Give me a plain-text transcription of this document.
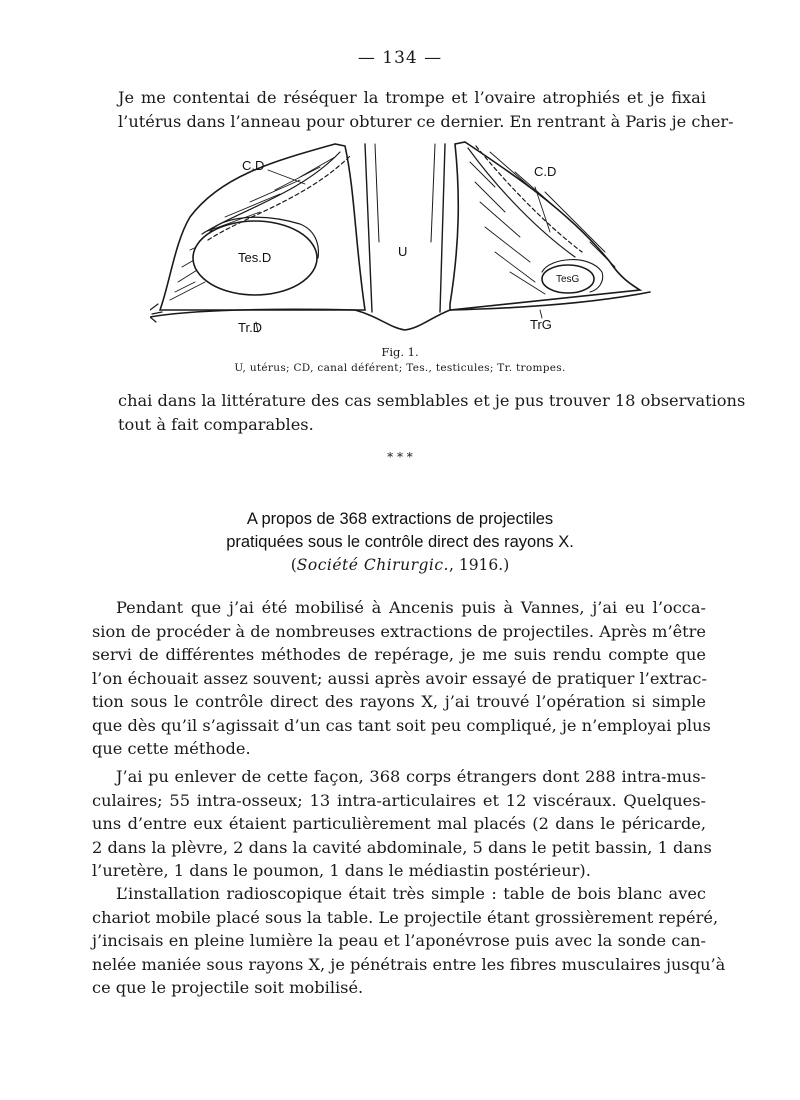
— 134 —
Je me contentai de réséquer la trompe et l’ovaire atrophiés et je fixai
l’utérus dans l’anneau pour obturer ce dernier. En rentrant à Paris je cher-
C.D	C.D
Tes.D
TesG
U
Tr.D	TrG
Fig. 1.
U, utérus; CD, canal déférent; Tes., testicules; Tr. trompes.
chai dans la littérature des cas semblables et je pus trouver 18 observations
tout à fait comparables.
* * *
A propos de 368 extractions de projectiles
pratiquées sous le contrôle direct des rayons X.
(Société Chirurgic., 1916.)
Pendant que j’ai été mobilisé à Ancenis puis à Vannes, j’ai eu l’occa-
sion de procéder à de nombreuses extractions de projectiles. Après m’être
servi de différentes méthodes de repérage, je me suis rendu compte que
l’on échouait assez souvent; aussi après avoir essayé de pratiquer l’extrac-
tion sous le contrôle direct des rayons X, j’ai trouvé l’opération si simple
que dès qu’il s’agissait d’un cas tant soit peu compliqué, je n’employai plus
que cette méthode.
J’ai pu enlever de cette façon, 368 corps étrangers dont 288 intra-mus-
culaires; 55 intra-osseux; 13 intra-articulaires et 12 viscéraux. Quelques-
uns d’entre eux étaient particulièrement mal placés (2 dans le péricarde,
2 dans la plèvre, 2 dans la cavité abdominale, 5 dans le petit bassin, 1 dans
l’uretère, 1 dans le poumon, 1 dans le médiastin postérieur).
L’installation radioscopique était très simple : table de bois blanc avec
chariot mobile placé sous la table. Le projectile étant grossièrement repéré,
j’incisais en pleine lumière la peau et l’aponévrose puis avec la sonde can-
nelée maniée sous rayons X, je pénétrais entre les fibres musculaires jusqu’à
ce que le projectile soit mobilisé.
